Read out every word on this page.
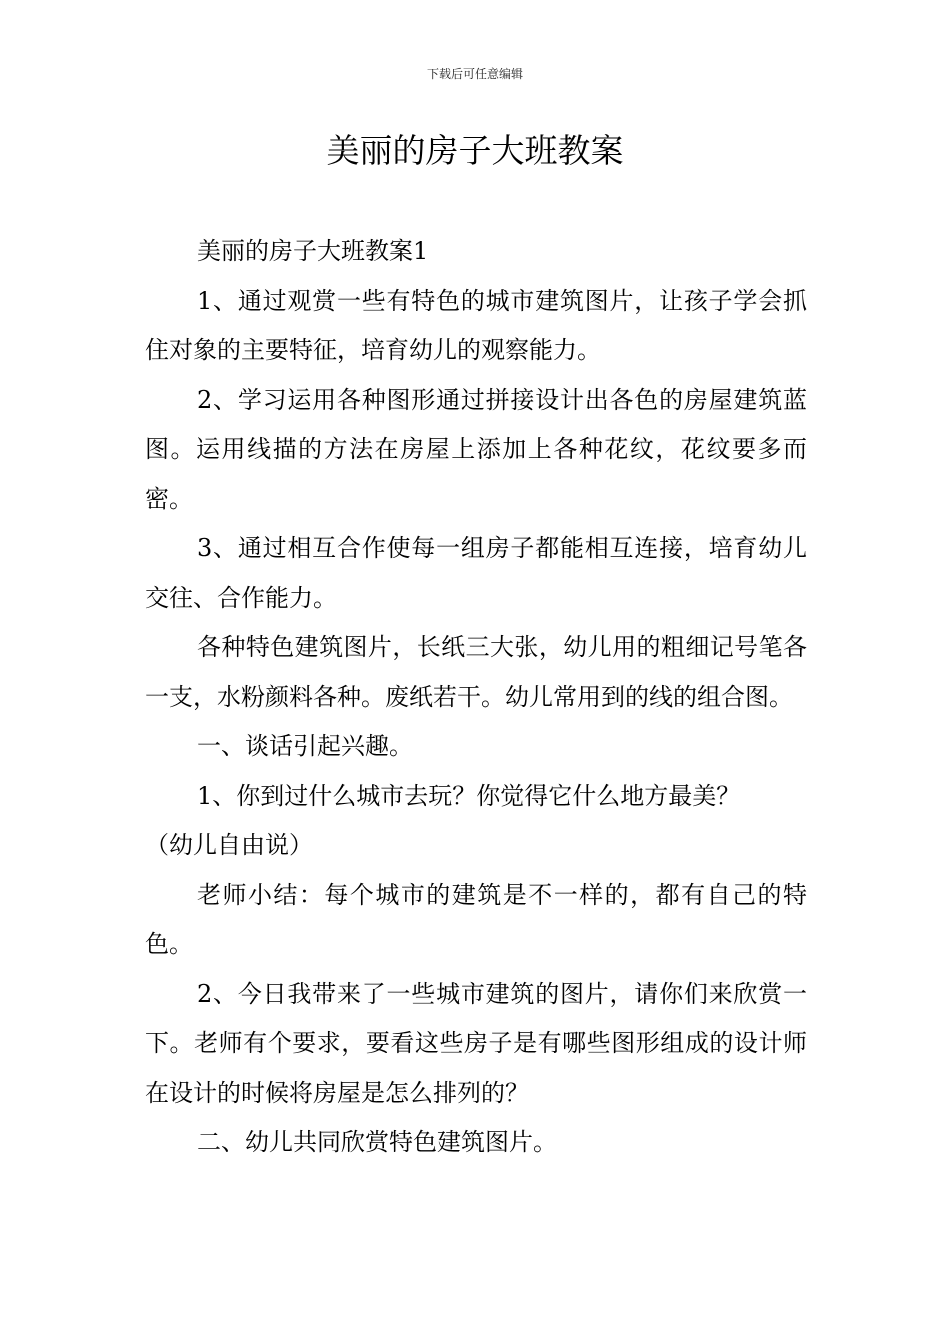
下载后可任意编辑
美丽的房子大班教案

美丽的房子大班教案1

1、通过观赏一些有特色的城市建筑图片，让孩子学会抓住对象的主要特征，培育幼儿的观察能力。

2、学习运用各种图形通过拼接设计出各色的房屋建筑蓝图。运用线描的方法在房屋上添加上各种花纹，花纹要多而密。

3、通过相互合作使每一组房子都能相互连接，培育幼儿交往、合作能力。

各种特色建筑图片，长纸三大张，幼儿用的粗细记号笔各一支，水粉颜料各种。废纸若干。幼儿常用到的线的组合图。

一、谈话引起兴趣。

1、你到过什么城市去玩？你觉得它什么地方最美？

（幼儿自由说）

老师小结：每个城市的建筑是不一样的，都有自己的特色。

2、今日我带来了一些城市建筑的图片，请你们来欣赏一下。老师有个要求，要看这些房子是有哪些图形组成的设计师在设计的时候将房屋是怎么排列的？

二、幼儿共同欣赏特色建筑图片。
